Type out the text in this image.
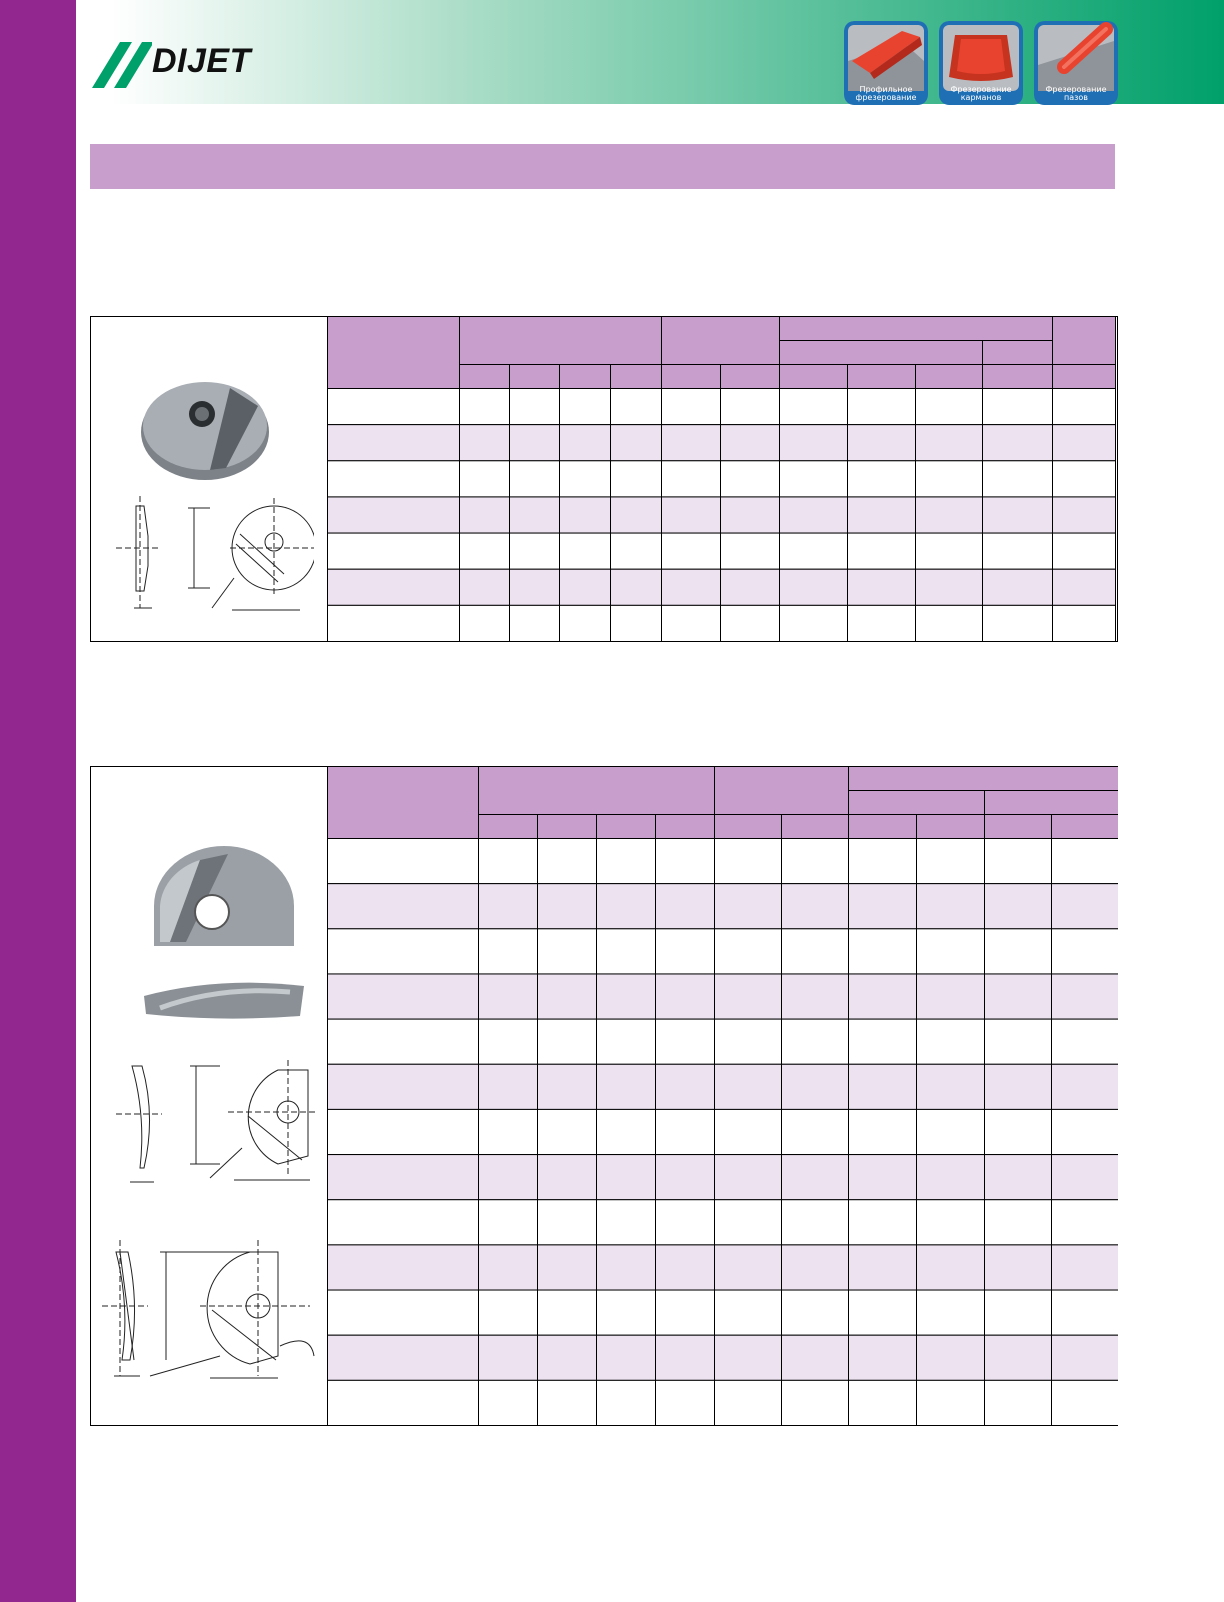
DIJET
Профильное
фрезерование
Фрезерование
карманов
Фрезерование
пазов
